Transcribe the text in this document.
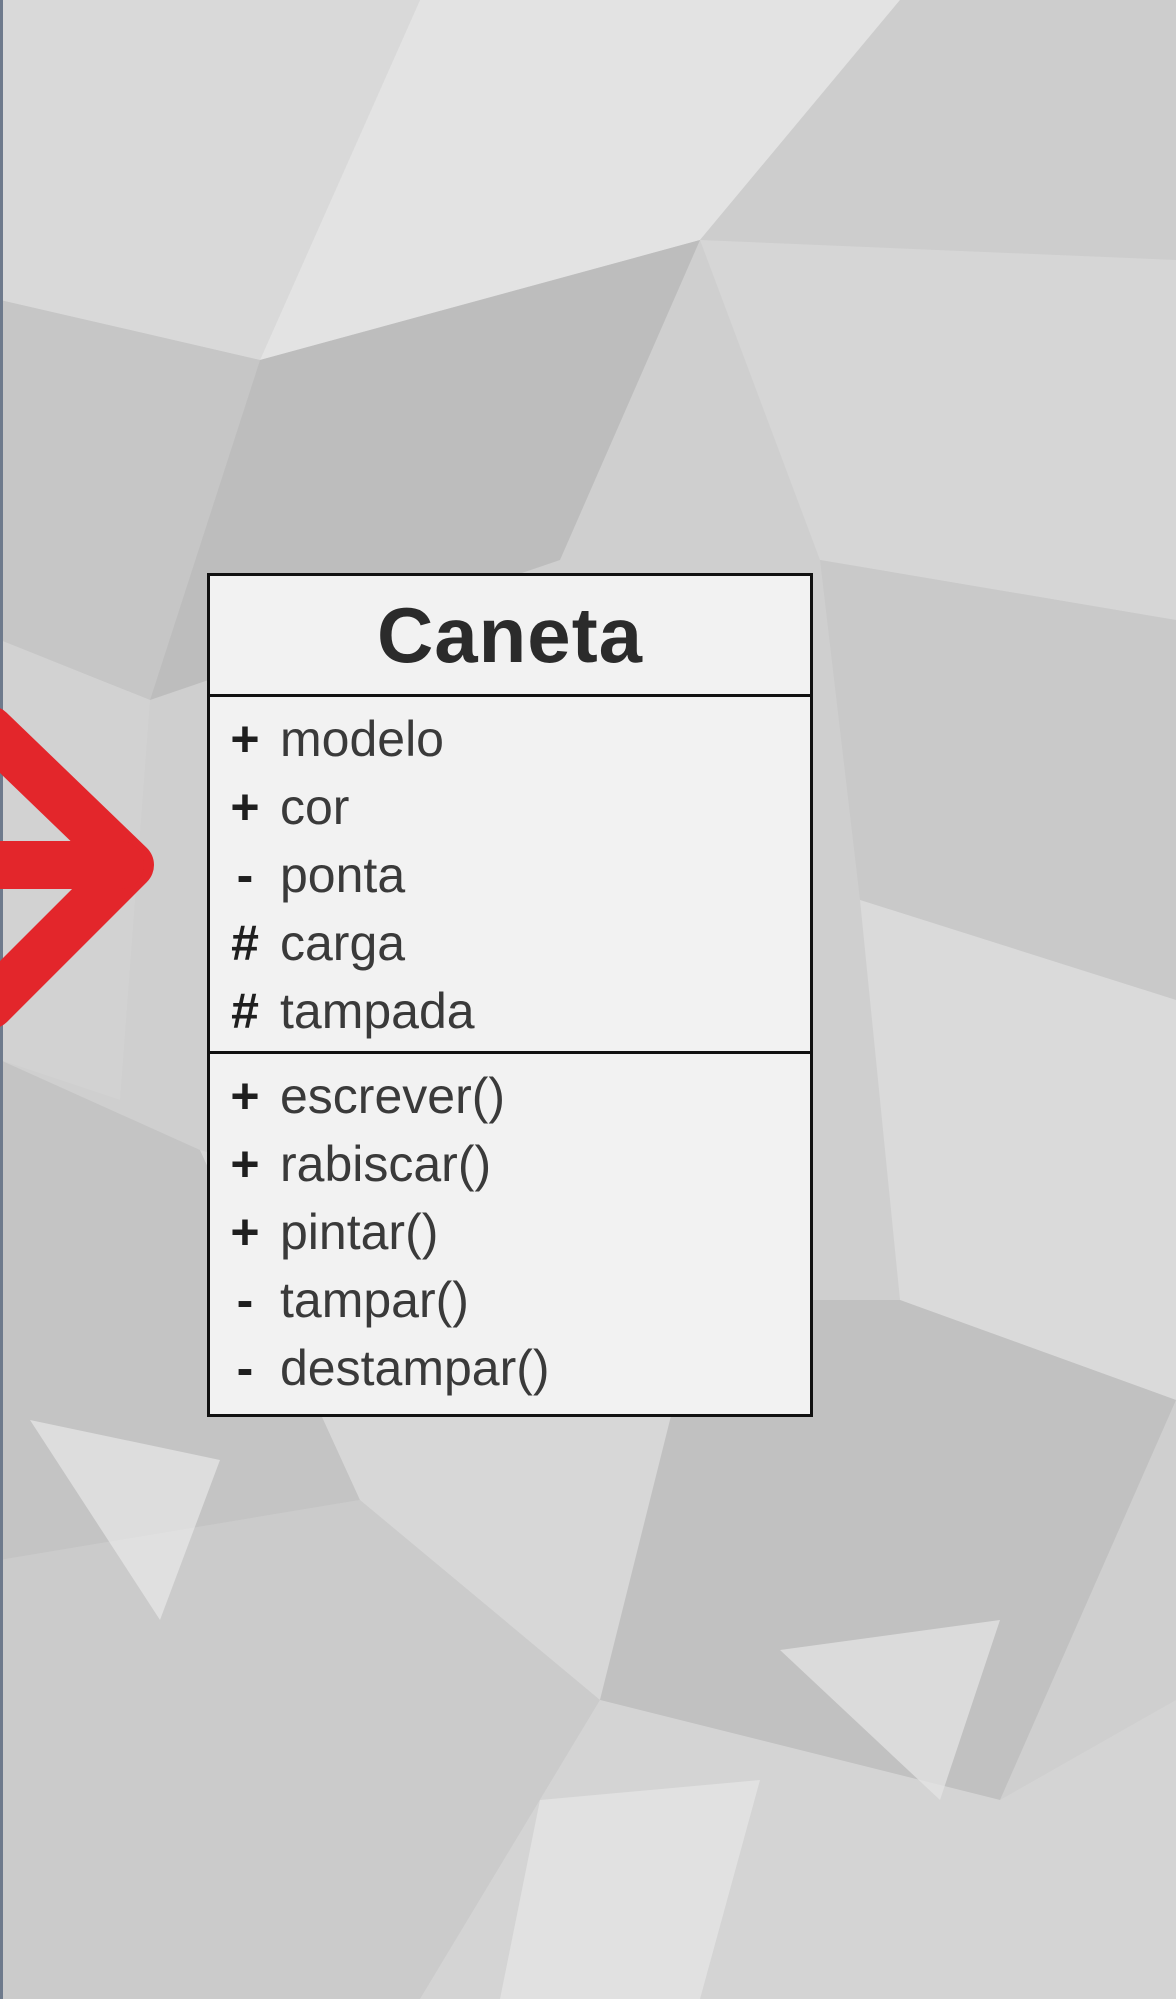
Caneta
+ modelo
+ cor
- ponta
# carga
# tampada
+ escrever()
+ rabiscar()
+ pintar()
- tampar()
- destampar()
